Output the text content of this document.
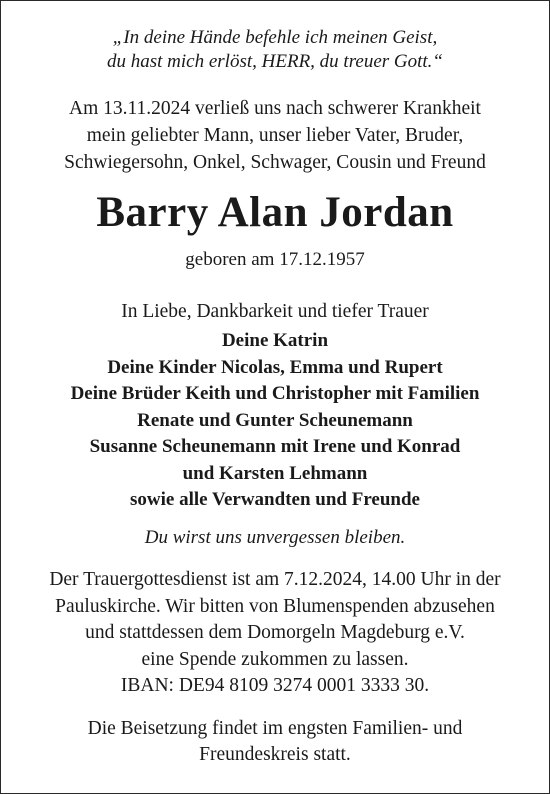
„In deine Hände befehle ich meinen Geist,
du hast mich erlöst, HERR, du treuer Gott.“
Am 13.11.2024 verließ uns nach schwerer Krankheit
mein geliebter Mann, unser lieber Vater, Bruder,
Schwiegersohn, Onkel, Schwager, Cousin und Freund
Barry Alan Jordan
geboren am 17.12.1957
In Liebe, Dankbarkeit und tiefer Trauer
Deine Katrin
Deine Kinder Nicolas, Emma und Rupert
Deine Brüder Keith und Christopher mit Familien
Renate und Gunter Scheunemann
Susanne Scheunemann mit Irene und Konrad
und Karsten Lehmann
sowie alle Verwandten und Freunde
Du wirst uns unvergessen bleiben.
Der Trauergottesdienst ist am 7.12.2024, 14.00 Uhr in der
Pauluskirche. Wir bitten von Blumenspenden abzusehen
und stattdessen dem Domorgeln Magdeburg e.V.
eine Spende zukommen zu lassen.
IBAN: DE94 8109 3274 0001 3333 30.
Die Beisetzung findet im engsten Familien- und
Freundeskreis statt.
